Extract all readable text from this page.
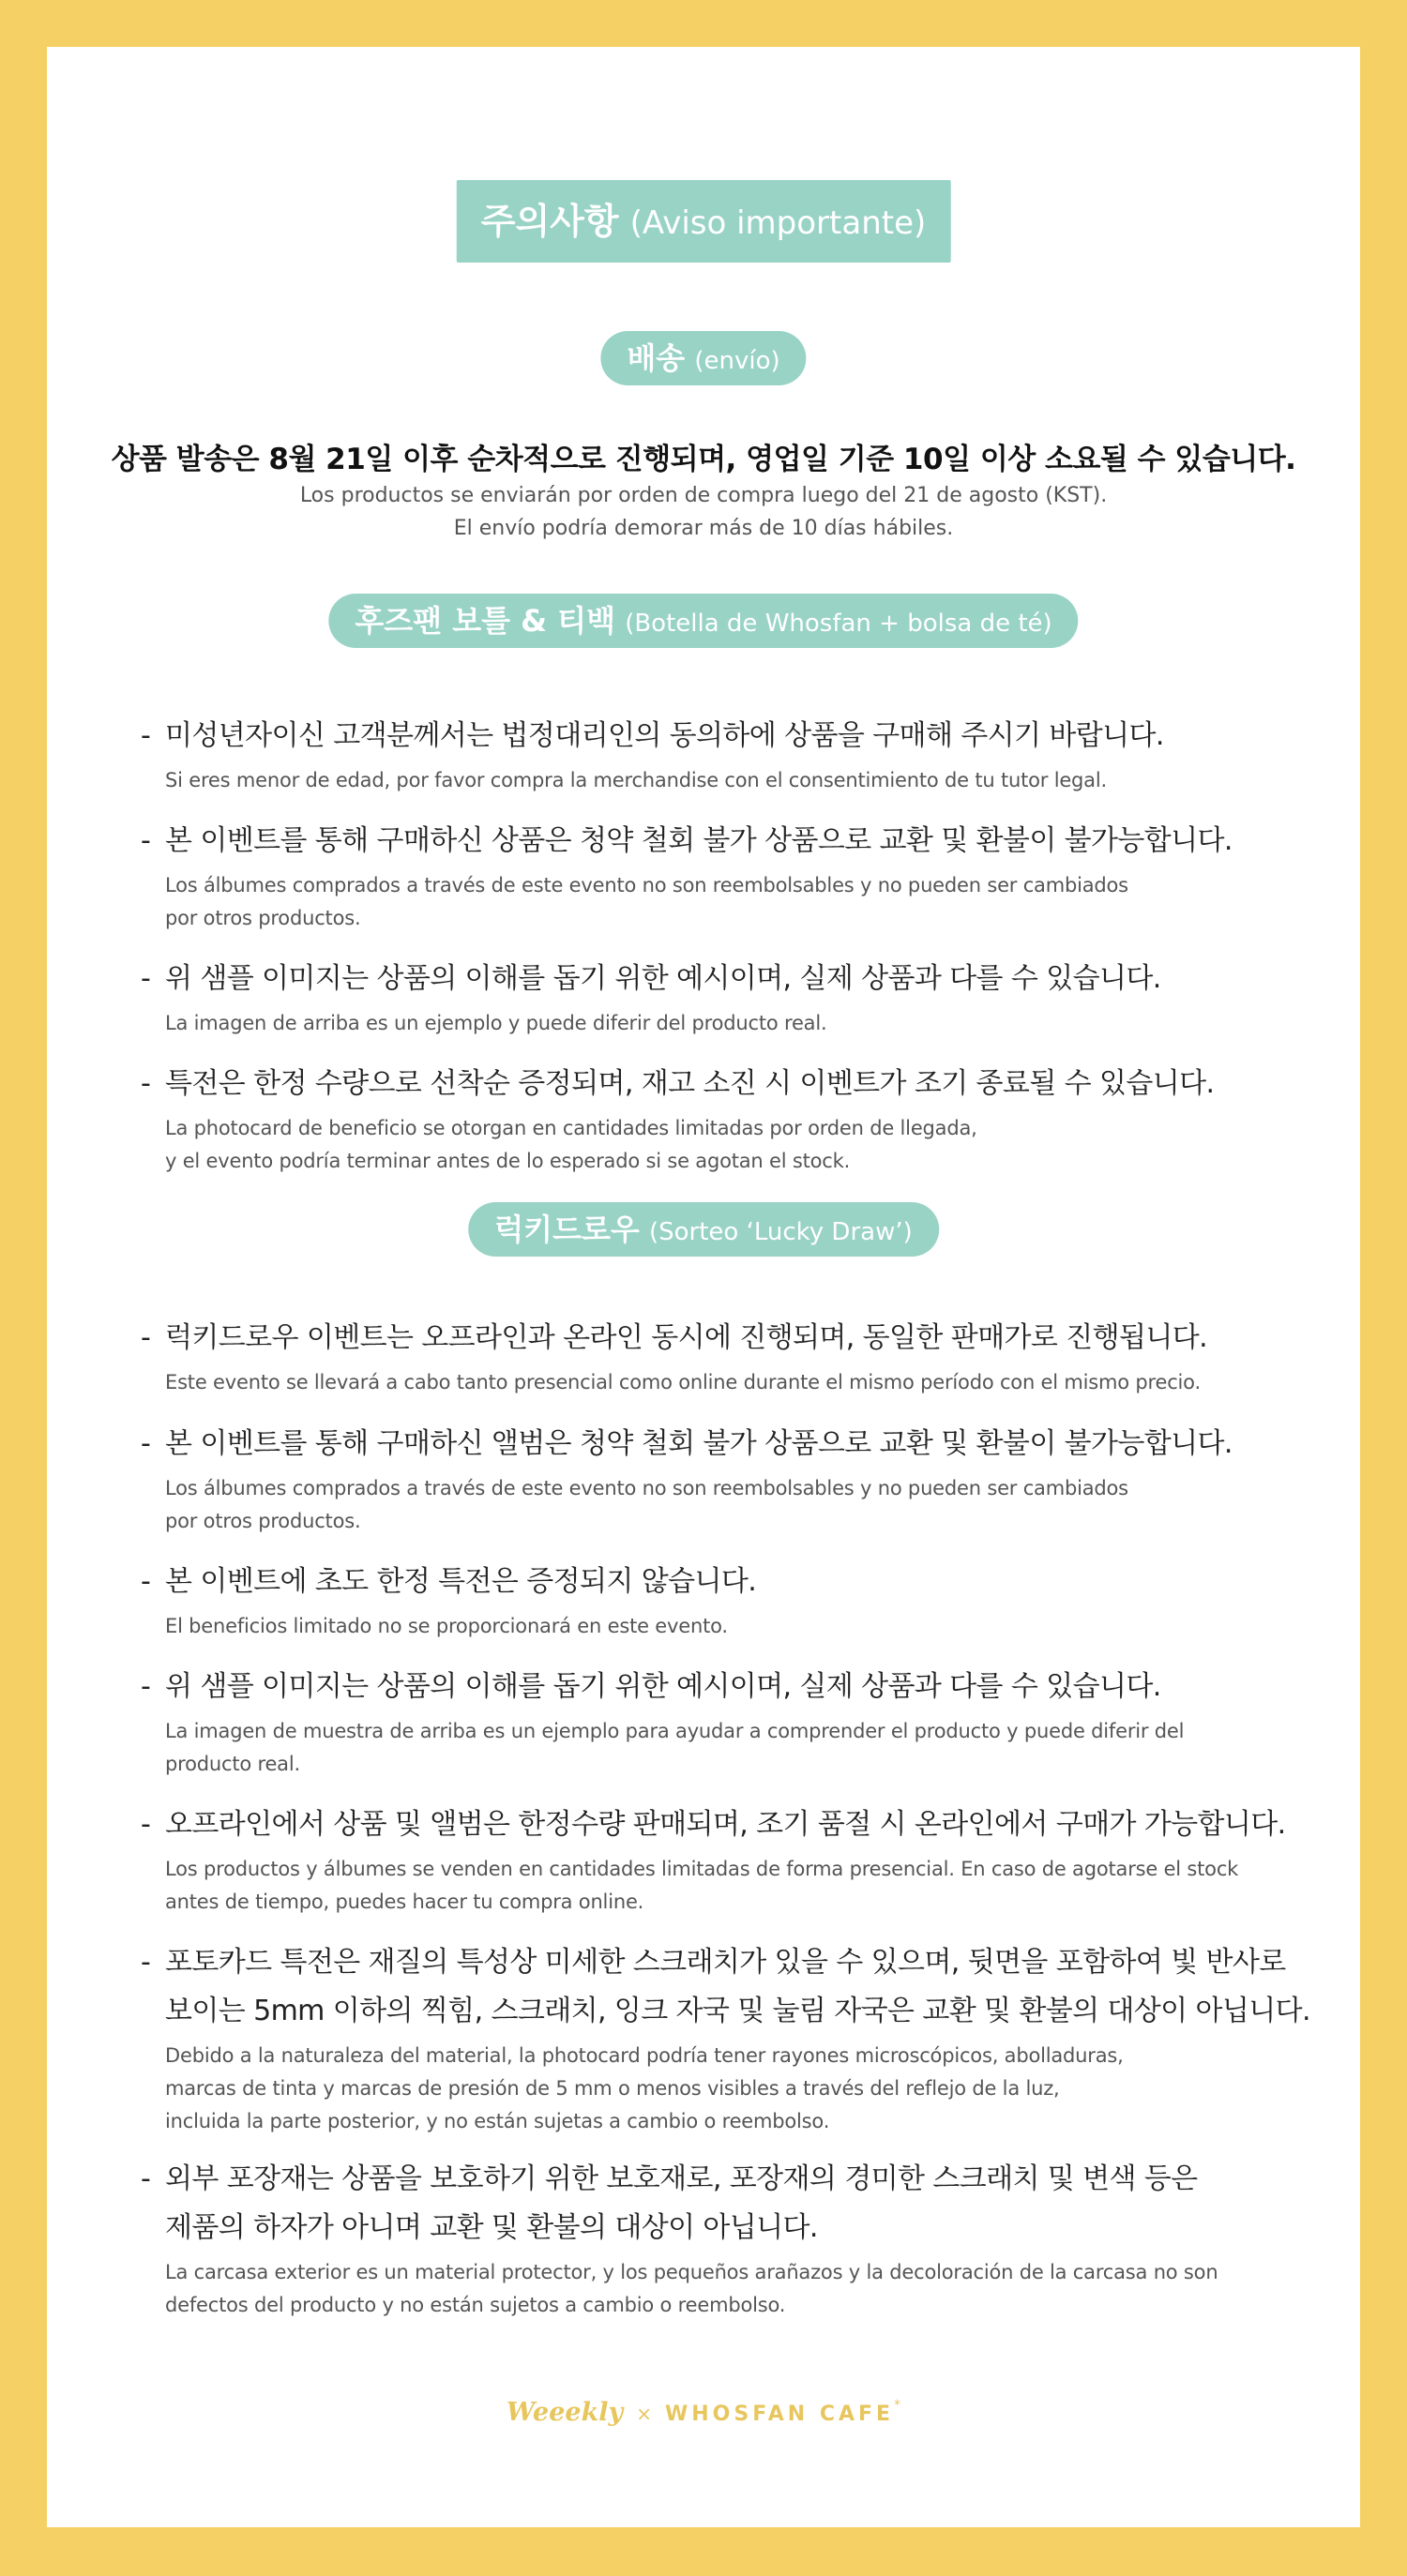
주의사항 (Aviso importante)
배송 (envío)
상품 발송은 8월 21일 이후 순차적으로 진행되며, 영업일 기준 10일 이상 소요될 수 있습니다.
Los productos se enviarán por orden de compra luego del 21 de agosto (KST).
El envío podría demorar más de 10 días hábiles.
후즈팬 보틀 & 티백 (Botella de Whosfan + bolsa de té)
- 미성년자이신 고객분께서는 법정대리인의 동의하에 상품을 구매해 주시기 바랍니다.
Si eres menor de edad, por favor compra la merchandise con el consentimiento de tu tutor legal.
- 본 이벤트를 통해 구매하신 상품은 청약 철회 불가 상품으로 교환 및 환불이 불가능합니다.
Los álbumes comprados a través de este evento no son reembolsables y no pueden ser cambiados
por otros productos.
- 위 샘플 이미지는 상품의 이해를 돕기 위한 예시이며, 실제 상품과 다를 수 있습니다.
La imagen de arriba es un ejemplo y puede diferir del producto real.
- 특전은 한정 수량으로 선착순 증정되며, 재고 소진 시 이벤트가 조기 종료될 수 있습니다.
La photocard de beneficio se otorgan en cantidades limitadas por orden de llegada,
y el evento podría terminar antes de lo esperado si se agotan el stock.
럭키드로우 (Sorteo ‘Lucky Draw’)
- 럭키드로우 이벤트는 오프라인과 온라인 동시에 진행되며, 동일한 판매가로 진행됩니다.
Este evento se llevará a cabo tanto presencial como online durante el mismo período con el mismo precio.
- 본 이벤트를 통해 구매하신 앨범은 청약 철회 불가 상품으로 교환 및 환불이 불가능합니다.
Los álbumes comprados a través de este evento no son reembolsables y no pueden ser cambiados
por otros productos.
- 본 이벤트에 초도 한정 특전은 증정되지 않습니다.
El beneficios limitado no se proporcionará en este evento.
- 위 샘플 이미지는 상품의 이해를 돕기 위한 예시이며, 실제 상품과 다를 수 있습니다.
La imagen de muestra de arriba es un ejemplo para ayudar a comprender el producto y puede diferir del
producto real.
- 오프라인에서 상품 및 앨범은 한정수량 판매되며, 조기 품절 시 온라인에서 구매가 가능합니다.
Los productos y álbumes se venden en cantidades limitadas de forma presencial. En caso de agotarse el stock
antes de tiempo, puedes hacer tu compra online.
- 포토카드 특전은 재질의 특성상 미세한 스크래치가 있을 수 있으며, 뒷면을 포함하여 빛 반사로
보이는 5mm 이하의 찍힘, 스크래치, 잉크 자국 및 눌림 자국은 교환 및 환불의 대상이 아닙니다.
Debido a la naturaleza del material, la photocard podría tener rayones microscópicos, abolladuras,
marcas de tinta y marcas de presión de 5 mm o menos visibles a través del reflejo de la luz,
incluida la parte posterior, y no están sujetas a cambio o reembolso.
- 외부 포장재는 상품을 보호하기 위한 보호재로, 포장재의 경미한 스크래치 및 변색 등은
제품의 하자가 아니며 교환 및 환불의 대상이 아닙니다.
La carcasa exterior es un material protector, y los pequeños arañazos y la decoloración de la carcasa no son
defectos del producto y no están sujetos a cambio o reembolso.
Weeekly × WHOSFAN CAFE*
